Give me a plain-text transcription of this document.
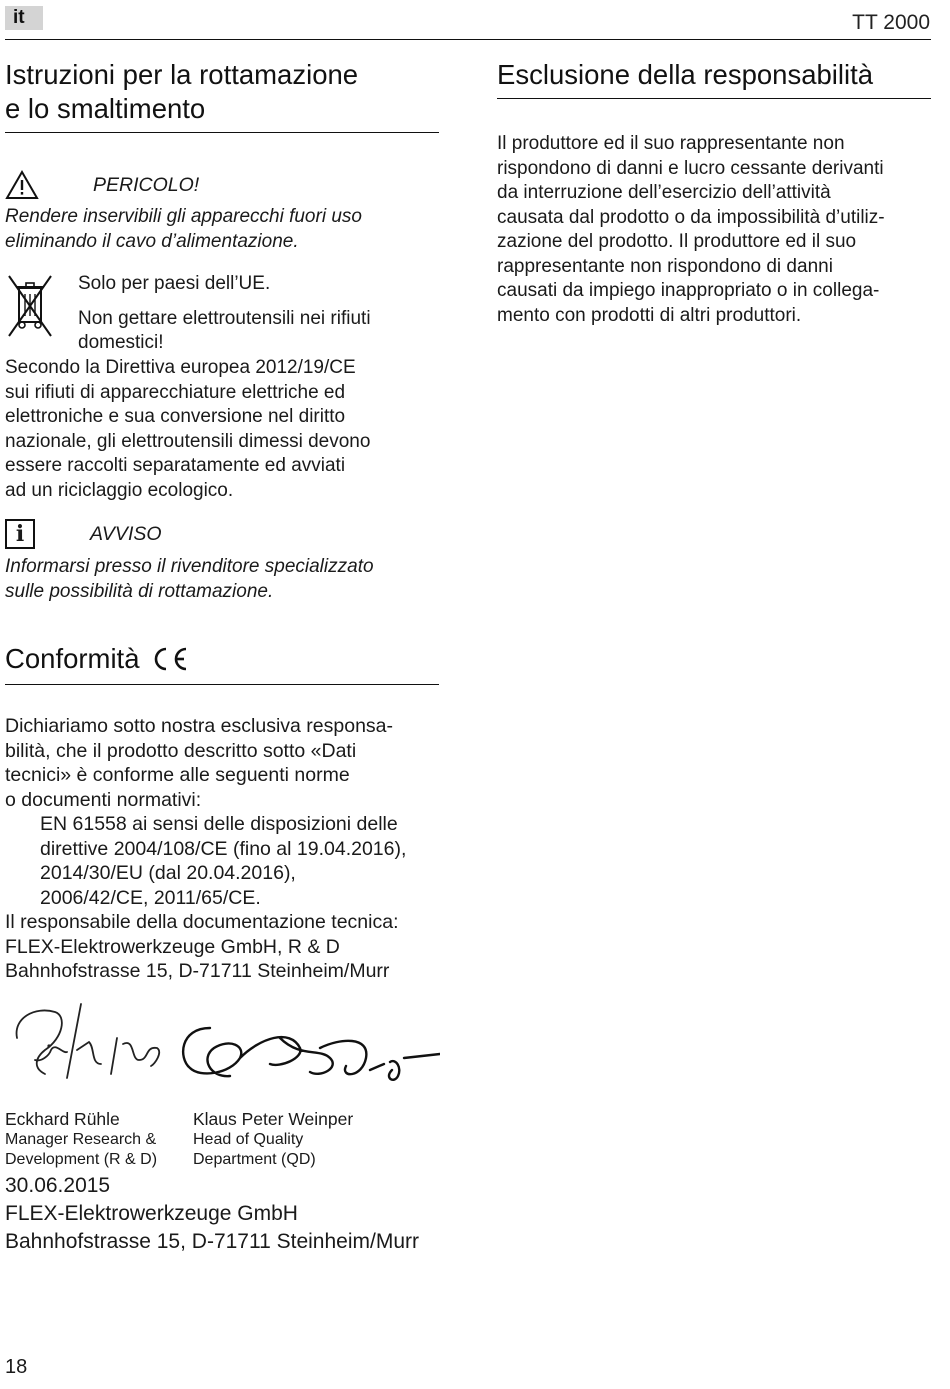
it	TT 2000
Istruzioni per la rottamazione
e lo smaltimento
PERICOLO!
Rendere inservibili gli apparecchi fuori uso
eliminando il cavo d’alimentazione.
Solo per paesi dell’UE.
Non gettare elettroutensili nei rifiuti
domestici!
Secondo la Direttiva europea 2012/19/CE
sui rifiuti di apparecchiature elettriche ed
elettroniche e sua conversione nel diritto
nazionale, gli elettroutensili dimessi devono
essere raccolti separatamente ed avviati
ad un riciclaggio ecologico.
i	AVVISO
Informarsi presso il rivenditore specializzato
sulle possibilità di rottamazione.
Conformità
Dichiariamo sotto nostra esclusiva responsa-
bilità, che il prodotto descritto sotto «Dati
tecnici» è conforme alle seguenti norme
o documenti normativi:
EN 61558 ai sensi delle disposizioni delle
direttive 2004/108/CE (fino al 19.04.2016),
2014/30/EU (dal 20.04.2016),
2006/42/CE, 2011/65/CE.
Il responsabile della documentazione tecnica:
FLEX-Elektrowerkzeuge GmbH, R & D
Bahnhofstrasse 15, D-71711 Steinheim/Murr
Eckhard Rühle
Manager Research &
Development (R & D)
Klaus Peter Weinper
Head of Quality
Department (QD)
30.06.2015
FLEX-Elektrowerkzeuge GmbH
Bahnhofstrasse 15, D-71711 Steinheim/Murr
Esclusione della responsabilità
Il produttore ed il suo rappresentante non
rispondono di danni e lucro cessante derivanti
da interruzione dell’esercizio dell’attività
causata dal prodotto o da impossibilità d’utiliz-
zazione del prodotto. Il produttore ed il suo
rappresentante non rispondono di danni
causati da impiego inappropriato o in collega-
mento con prodotti di altri produttori.
18
